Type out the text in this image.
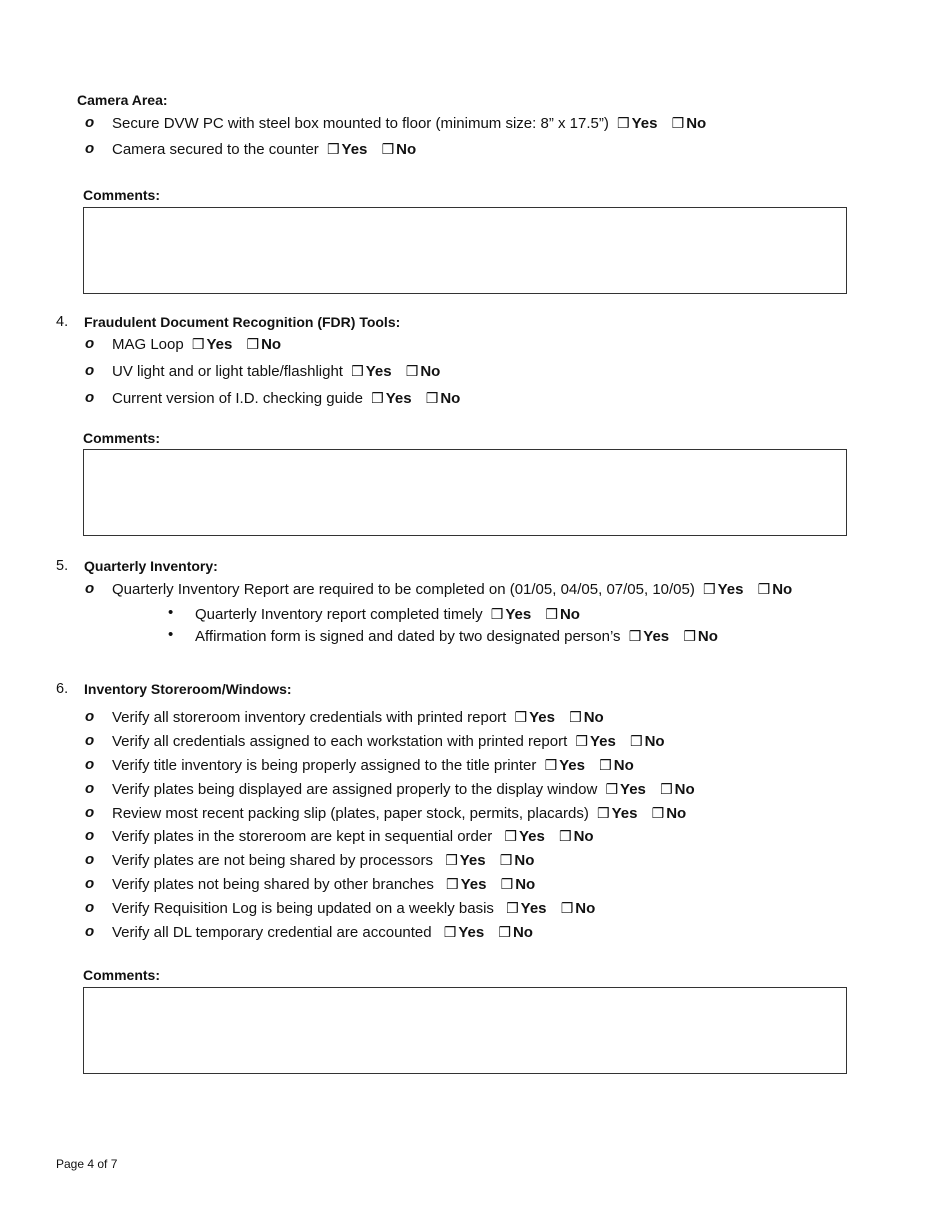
Camera Area:
o Secure DVW PC with steel box mounted to floor (minimum size: 8” x 17.5”) ❒ Yes ❒ No
o Camera secured to the counter ❒ Yes ❒ No
Comments:
4. Fraudulent Document Recognition (FDR) Tools:
o MAG Loop ❒ Yes ❒ No
o UV light and or light table/flashlight ❒ Yes ❒ No
o Current version of I.D. checking guide ❒ Yes ❒ No
Comments:
5. Quarterly Inventory:
o Quarterly Inventory Report are required to be completed on (01/05, 04/05, 07/05, 10/05) ❒ Yes ❒ No
• Quarterly Inventory report completed timely ❒ Yes ❒ No
• Affirmation form is signed and dated by two designated person’s ❒ Yes ❒ No
6. Inventory Storeroom/Windows:
o Verify all storeroom inventory credentials with printed report ❒ Yes ❒ No
o Verify all credentials assigned to each workstation with printed report ❒ Yes ❒ No
o Verify title inventory is being properly assigned to the title printer ❒ Yes ❒ No
o Verify plates being displayed are assigned properly to the display window ❒ Yes ❒ No
o Review most recent packing slip (plates, paper stock, permits, placards) ❒ Yes ❒ No
o Verify plates in the storeroom are kept in sequential order ❒ Yes ❒ No
o Verify plates are not being shared by processors ❒ Yes ❒ No
o Verify plates not being shared by other branches ❒ Yes ❒ No
o Verify Requisition Log is being updated on a weekly basis ❒ Yes ❒ No
o Verify all DL temporary credential are accounted ❒ Yes ❒ No
Comments:
Page 4 of 7
